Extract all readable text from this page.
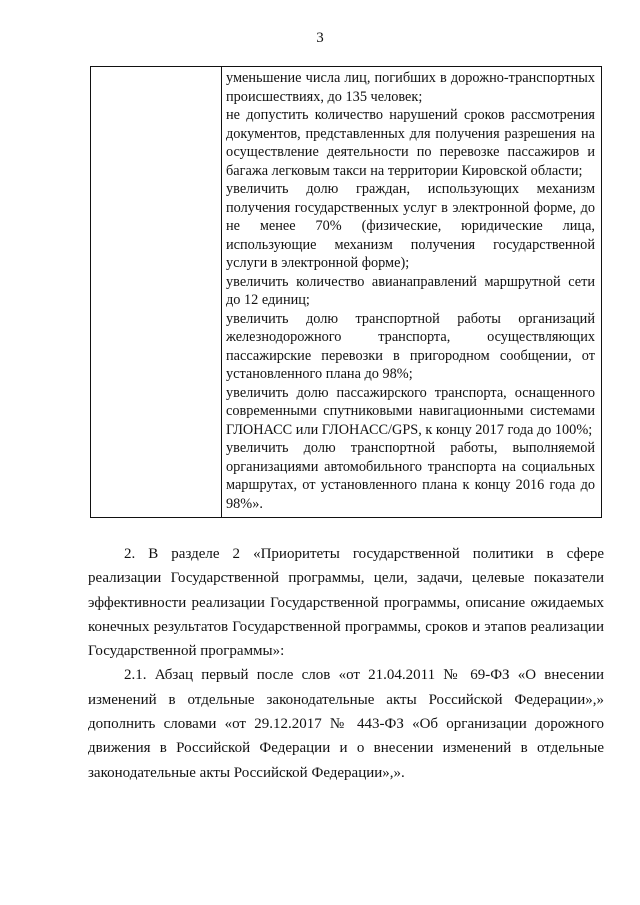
3

уменьшение числа лиц, погибших в дорожно-транспортных происшествиях, до 135 человек;

не допустить количество нарушений сроков рассмотрения документов, представленных для получения разрешения на осуществление деятельности по перевозке пассажиров и багажа легковым такси на территории Кировской области;

увеличить долю граждан, использующих механизм получения государственных услуг в электронной форме, до не менее 70% (физические, юридические лица, использующие механизм получения государственной услуги в электронной форме);

увеличить количество авианаправлений маршрутной сети до 12 единиц;

увеличить долю транспортной работы организаций железнодорожного транспорта, осуществляющих пассажирские перевозки в пригородном сообщении, от установленного плана до 98%;

увеличить долю пассажирского транспорта, оснащенного современными спутниковыми навигационными системами ГЛОНАСС или ГЛОНАСС/GPS, к концу 2017 года до 100%;

увеличить долю транспортной работы, выполняемой организациями автомобильного транспорта на социальных маршрутах, от установленного плана к концу 2016 года до 98%».

2. В разделе 2 «Приоритеты государственной политики в сфере реализации Государственной программы, цели, задачи, целевые показатели эффективности реализации Государственной программы, описание ожидаемых конечных результатов Государственной программы, сроков и этапов реализации Государственной программы»:

2.1. Абзац первый после слов «от 21.04.2011 № 69-ФЗ «О внесении изменений в отдельные законодательные акты Российской Федерации»,» дополнить словами «от 29.12.2017 № 443-ФЗ «Об организации дорожного движения в Российской Федерации и о внесении изменений в отдельные законодательные акты Российской Федерации»,».
